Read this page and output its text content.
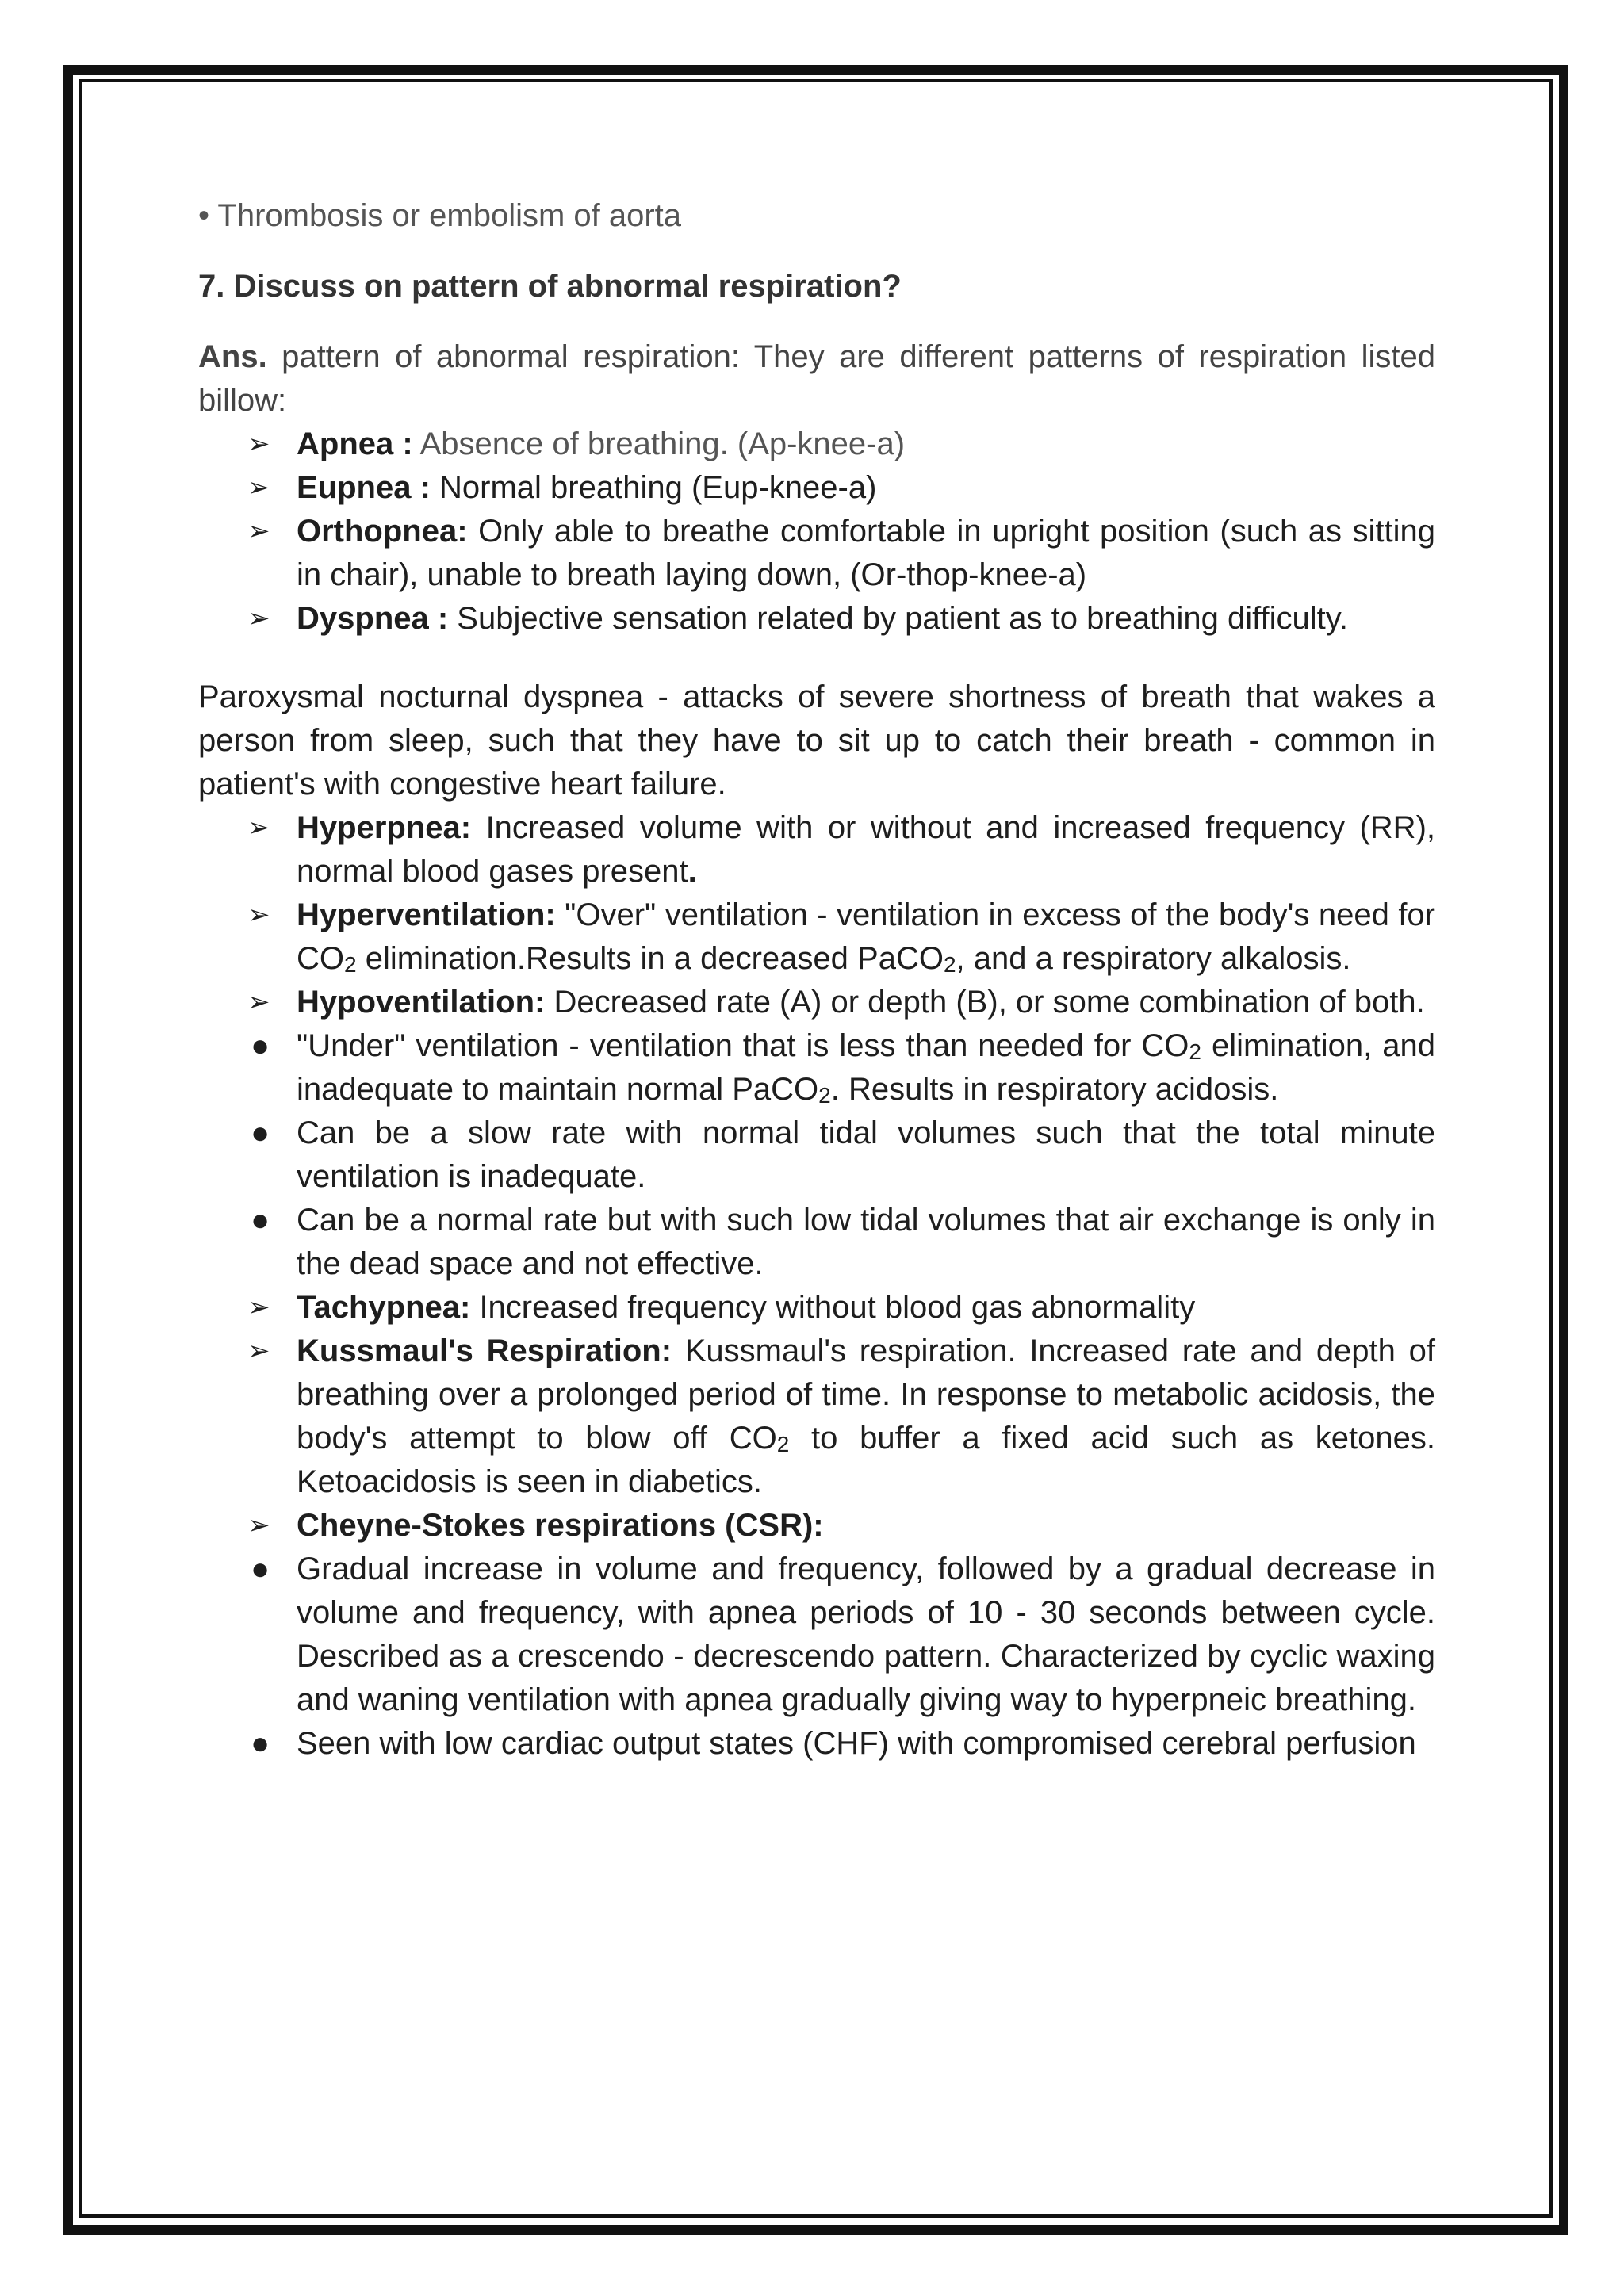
• Thrombosis or embolism of aorta

7. Discuss on pattern of abnormal respiration?

Ans. pattern of abnormal respiration: They are different patterns of respiration listed billow:

➢ Apnea : Absence of breathing. (Ap-knee-a)
➢ Eupnea : Normal breathing (Eup-knee-a)
➢ Orthopnea: Only able to breathe comfortable in upright position (such as sitting in chair), unable to breath laying down, (Or-thop-knee-a)
➢ Dyspnea : Subjective sensation related by patient as to breathing difficulty.

Paroxysmal nocturnal dyspnea - attacks of severe shortness of breath that wakes a person from sleep, such that they have to sit up to catch their breath - common in patient's with congestive heart failure.

➢ Hyperpnea: Increased volume with or without and increased frequency (RR), normal blood gases present.
➢ Hyperventilation: "Over" ventilation - ventilation in excess of the body's need for $CO_2$ elimination.Results in a decreased PaCO$_2$, and a respiratory alkalosis.
➢ Hypoventilation: Decreased rate (A) or depth (B), or some combination of both.
● "Under" ventilation - ventilation that is less than needed for $CO_2$ elimination, and inadequate to maintain normal PaCO$_2$. Results in respiratory acidosis.
● Can be a slow rate with normal tidal volumes such that the total minute ventilation is inadequate.
● Can be a normal rate but with such low tidal volumes that air exchange is only in the dead space and not effective.
➢ Tachypnea: Increased frequency without blood gas abnormality
➢ Kussmaul's Respiration: Kussmaul's respiration. Increased rate and depth of breathing over a prolonged period of time. In response to metabolic acidosis, the body's attempt to blow off $CO_2$ to buffer a fixed acid such as ketones. Ketoacidosis is seen in diabetics.
➢ Cheyne-Stokes respirations (CSR):
● Gradual increase in volume and frequency, followed by a gradual decrease in volume and frequency, with apnea periods of 10 - 30 seconds between cycle. Described as a crescendo - decrescendo pattern. Characterized by cyclic waxing and waning ventilation with apnea gradually giving way to hyperpneic breathing.
● Seen with low cardiac output states (CHF) with compromised cerebral perfusion
